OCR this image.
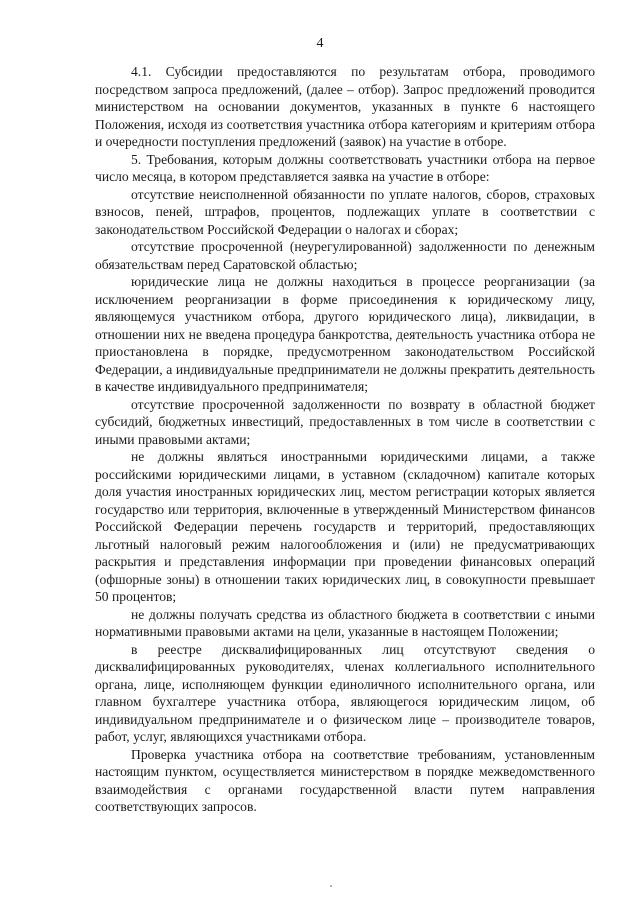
4

4.1. Субсидии предоставляются по результатам отбора, проводимого посредством запроса предложений, (далее – отбор). Запрос предложений проводится министерством на основании документов, указанных в пункте 6 настоящего Положения, исходя из соответствия участника отбора категориям и критериям отбора и очередности поступления предложений (заявок) на участие в отборе.

5. Требования, которым должны соответствовать участники отбора на первое число месяца, в котором представляется заявка на участие в отборе:

отсутствие неисполненной обязанности по уплате налогов, сборов, страховых взносов, пеней, штрафов, процентов, подлежащих уплате в соответствии с законодательством Российской Федерации о налогах и сборах;

отсутствие просроченной (неурегулированной) задолженности по денежным обязательствам перед Саратовской областью;

юридические лица не должны находиться в процессе реорганизации (за исключением реорганизации в форме присоединения к юридическому лицу, являющемуся участником отбора, другого юридического лица), ликвидации, в отношении них не введена процедура банкротства, деятельность участника отбора не приостановлена в порядке, предусмотренном законодательством Российской Федерации, а индивидуальные предприниматели не должны прекратить деятельность в качестве индивидуального предпринимателя;

отсутствие просроченной задолженности по возврату в областной бюджет субсидий, бюджетных инвестиций, предоставленных в том числе в соответствии с иными правовыми актами;

не должны являться иностранными юридическими лицами, а также российскими юридическими лицами, в уставном (складочном) капитале которых доля участия иностранных юридических лиц, местом регистрации которых является государство или территория, включенные в утвержденный Министерством финансов Российской Федерации перечень государств и территорий, предоставляющих льготный налоговый режим налогообложения и (или) не предусматривающих раскрытия и представления информации при проведении финансовых операций (офшорные зоны) в отношении таких юридических лиц, в совокупности превышает 50 процентов;

не должны получать средства из областного бюджета в соответствии с иными нормативными правовыми актами на цели, указанные в настоящем Положении;

в реестре дисквалифицированных лиц отсутствуют сведения о дисквалифицированных руководителях, членах коллегиального исполнительного органа, лице, исполняющем функции единоличного исполнительного органа, или главном бухгалтере участника отбора, являющегося юридическим лицом, об индивидуальном предпринимателе и о физическом лице – производителе товаров, работ, услуг, являющихся участниками отбора.

Проверка участника отбора на соответствие требованиям, установленным настоящим пунктом, осуществляется министерством в порядке межведомственного взаимодействия с органами государственной власти путем направления соответствующих запросов.
